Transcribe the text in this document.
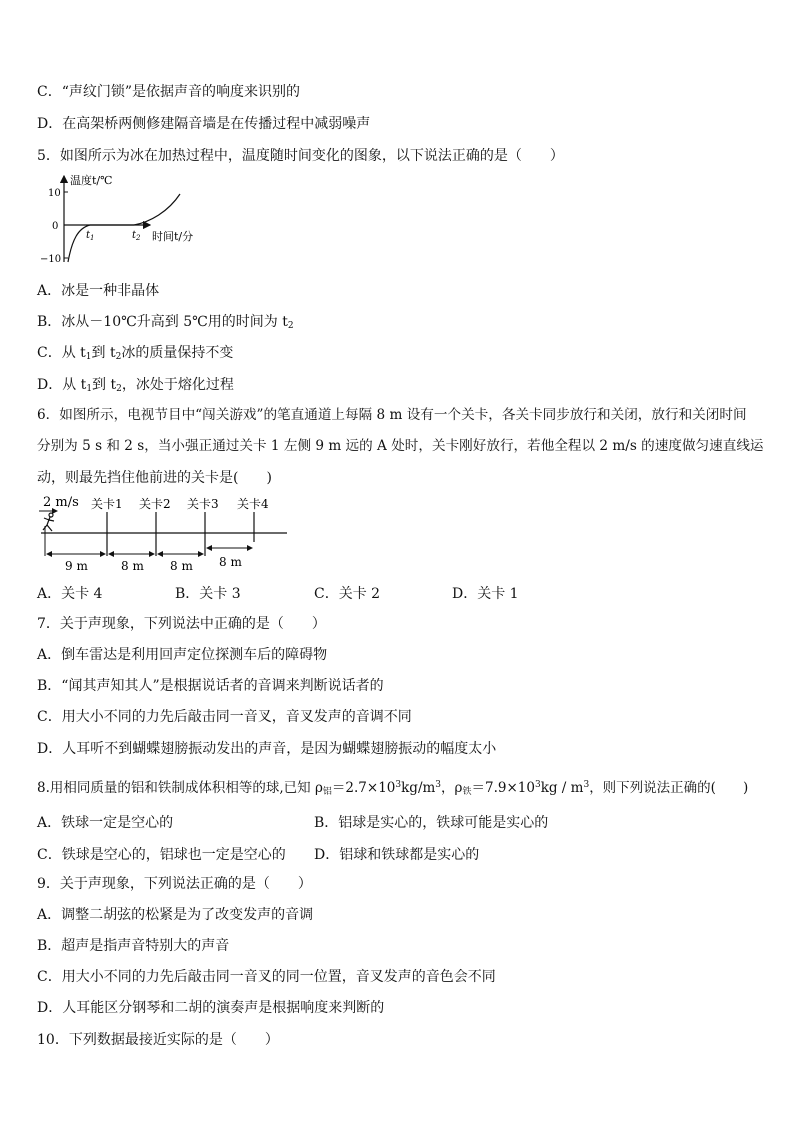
C．“声纹门锁”是依据声音的响度来识别的
D．在高架桥两侧修建隔音墙是在传播过程中减弱噪声
5．如图所示为冰在加热过程中，温度随时间变化的图象，以下说法正确的是（　　）
温度t/℃
10
0
−10
$t_1$	$t_2$ 时间t/分
A．冰是一种非晶体
B．冰从－10℃升高到 5℃用的时间为 $t_2$
C．从 $t_1$到 $t_2$冰的质量保持不变
D．从 $t_1$到 $t_2$，冰处于熔化过程
6．如图所示，电视节目中“闯关游戏”的笔直通道上每隔 8 m 设有一个关卡，各关卡同步放行和关闭，放行和关闭时间
分别为 5 s 和 2 s，当小强正通过关卡 1 左侧 9 m 远的 A 处时，关卡刚好放行，若他全程以 2 m/s 的速度做匀速直线运
动，则最先挡住他前进的关卡是(　　)
2 m/s 关卡1 关卡2 关卡3 关卡4
9 m	8 m 8 m 8 m
A．关卡 4	B．关卡 3	C．关卡 2	D．关卡 1
7．关于声现象，下列说法中正确的是（　　）
A．倒车雷达是利用回声定位探测车后的障碍物
B．“闻其声知其人”是根据说话者的音调来判断说话者的
C．用大小不同的力先后敲击同一音叉，音叉发声的音调不同
D．人耳听不到蝴蝶翅膀振动发出的声音，是因为蝴蝶翅膀振动的幅度太小
8.用相同质量的铝和铁制成体积相等的球,已知 $\rho_铝=2.7\times 10^3kg/m^3$，$\rho_铁=7.9\times 10^3kg / m^3$，则下列说法正确的(　　)
A．铁球一定是空心的	B．铝球是实心的，铁球可能是实心的
C．铁球是空心的，铝球也一定是空心的 D．铝球和铁球都是实心的
9．关于声现象，下列说法正确的是（　　）
A．调整二胡弦的松紧是为了改变发声的音调
B．超声是指声音特别大的声音
C．用大小不同的力先后敲击同一音叉的同一位置，音叉发声的音色会不同
D．人耳能区分钢琴和二胡的演奏声是根据响度来判断的
10．下列数据最接近实际的是（　　）
